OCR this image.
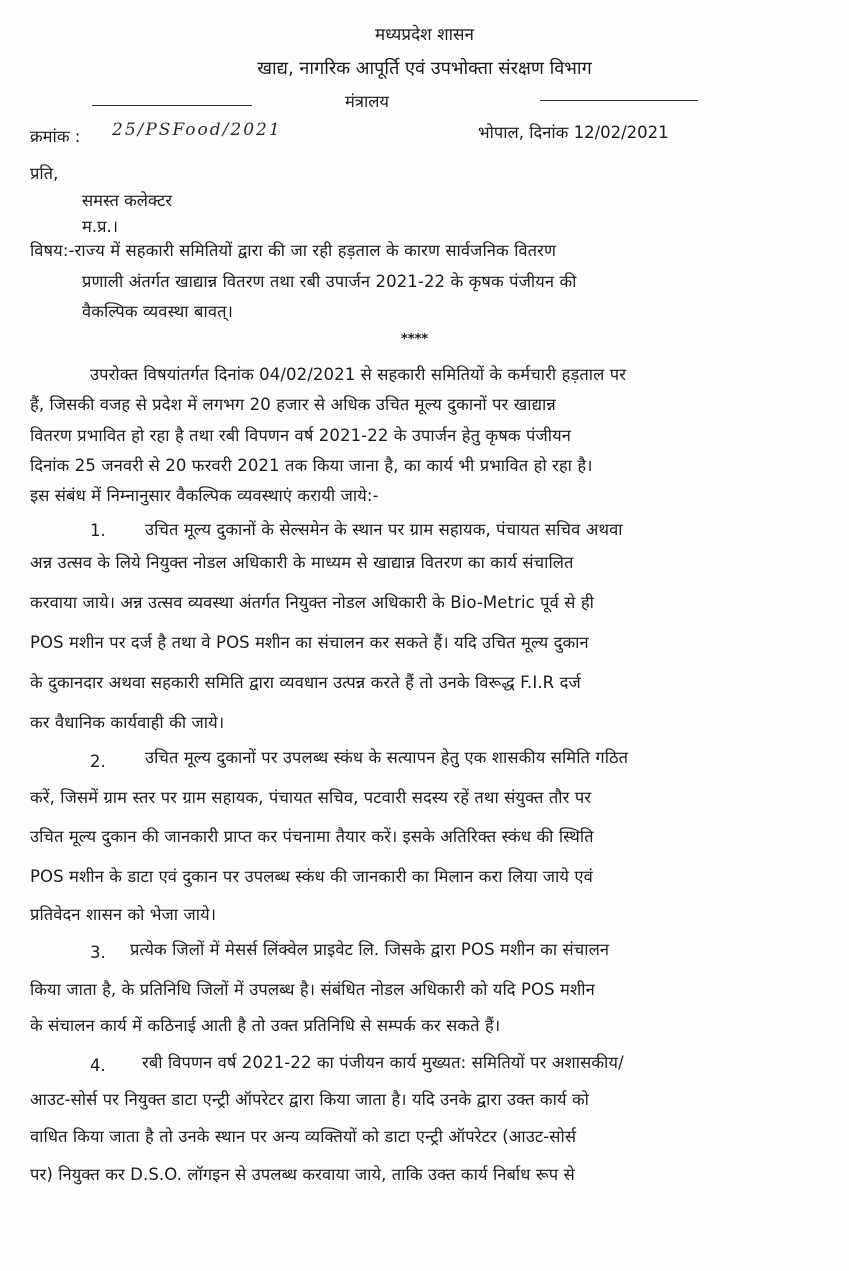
मध्यप्रदेश शासन
खाद्य, नागरिक आपूर्ति एवं उपभोक्ता संरक्षण विभाग
मंत्रालय
क्रमांक : 25/PSFood/2021	भोपाल, दिनांक 12/02/2021
प्रति,
समस्त कलेक्टर
म.प्र.।
विषय:-राज्य में सहकारी समितियों द्वारा की जा रही हड़ताल के कारण सार्वजनिक वितरण
प्रणाली अंतर्गत खाद्यान्न वितरण तथा रबी उपार्जन 2021-22 के कृषक पंजीयन की
वैकल्पिक व्यवस्था बावत्।
****
उपरोक्त विषयांतर्गत दिनांक 04/02/2021 से सहकारी समितियों के कर्मचारी हड़ताल पर
हैं, जिसकी वजह से प्रदेश में लगभग 20 हजार से अधिक उचित मूल्य दुकानों पर खाद्यान्न
वितरण प्रभावित हो रहा है तथा रबी विपणन वर्ष 2021-22 के उपार्जन हेतु कृषक पंजीयन
दिनांक 25 जनवरी से 20 फरवरी 2021 तक किया जाना है, का कार्य भी प्रभावित हो रहा है।
इस संबंध में निम्नानुसार वैकल्पिक व्यवस्थाएं करायी जाये:-
1. उचित मूल्य दुकानों के सेल्समेन के स्थान पर ग्राम सहायक, पंचायत सचिव अथवा
अन्न उत्सव के लिये नियुक्त नोडल अधिकारी के माध्यम से खाद्यान्न वितरण का कार्य संचालित
करवाया जाये। अन्न उत्सव व्यवस्था अंतर्गत नियुक्त नोडल अधिकारी के Bio-Metric पूर्व से ही
POS मशीन पर दर्ज है तथा वे POS मशीन का संचालन कर सकते हैं। यदि उचित मूल्य दुकान
के दुकानदार अथवा सहकारी समिति द्वारा व्यवधान उत्पन्न करते हैं तो उनके विरूद्ध F.I.R दर्ज
कर वैधानिक कार्यवाही की जाये।
2. उचित मूल्य दुकानों पर उपलब्ध स्कंध के सत्यापन हेतु एक शासकीय समिति गठित
करें, जिसमें ग्राम स्तर पर ग्राम सहायक, पंचायत सचिव, पटवारी सदस्य रहें तथा संयुक्त तौर पर
उचित मूल्य दुकान की जानकारी प्राप्त कर पंचनामा तैयार करें। इसके अतिरिक्त स्कंध की स्थिति
POS मशीन के डाटा एवं दुकान पर उपलब्ध स्कंध की जानकारी का मिलान करा लिया जाये एवं
प्रतिवेदन शासन को भेजा जाये।
3. प्रत्येक जिलों में मेसर्स लिंक्वेल प्राइवेट लि. जिसके द्वारा POS मशीन का संचालन
किया जाता है, के प्रतिनिधि जिलों में उपलब्ध है। संबंधित नोडल अधिकारी को यदि POS मशीन
के संचालन कार्य में कठिनाई आती है तो उक्त प्रतिनिधि से सम्पर्क कर सकते हैं।
4. रबी विपणन वर्ष 2021-22 का पंजीयन कार्य मुख्यत: समितियों पर अशासकीय/
आउट-सोर्स पर नियुक्त डाटा एन्ट्री ऑपरेटर द्वारा किया जाता है। यदि उनके द्वारा उक्त कार्य को
वाधित किया जाता है तो उनके स्थान पर अन्य व्यक्तियों को डाटा एन्ट्री ऑपरेटर (आउट-सोर्स
पर) नियुक्त कर D.S.O. लॉगइन से उपलब्ध करवाया जाये, ताकि उक्त कार्य निर्बाध रूप से
